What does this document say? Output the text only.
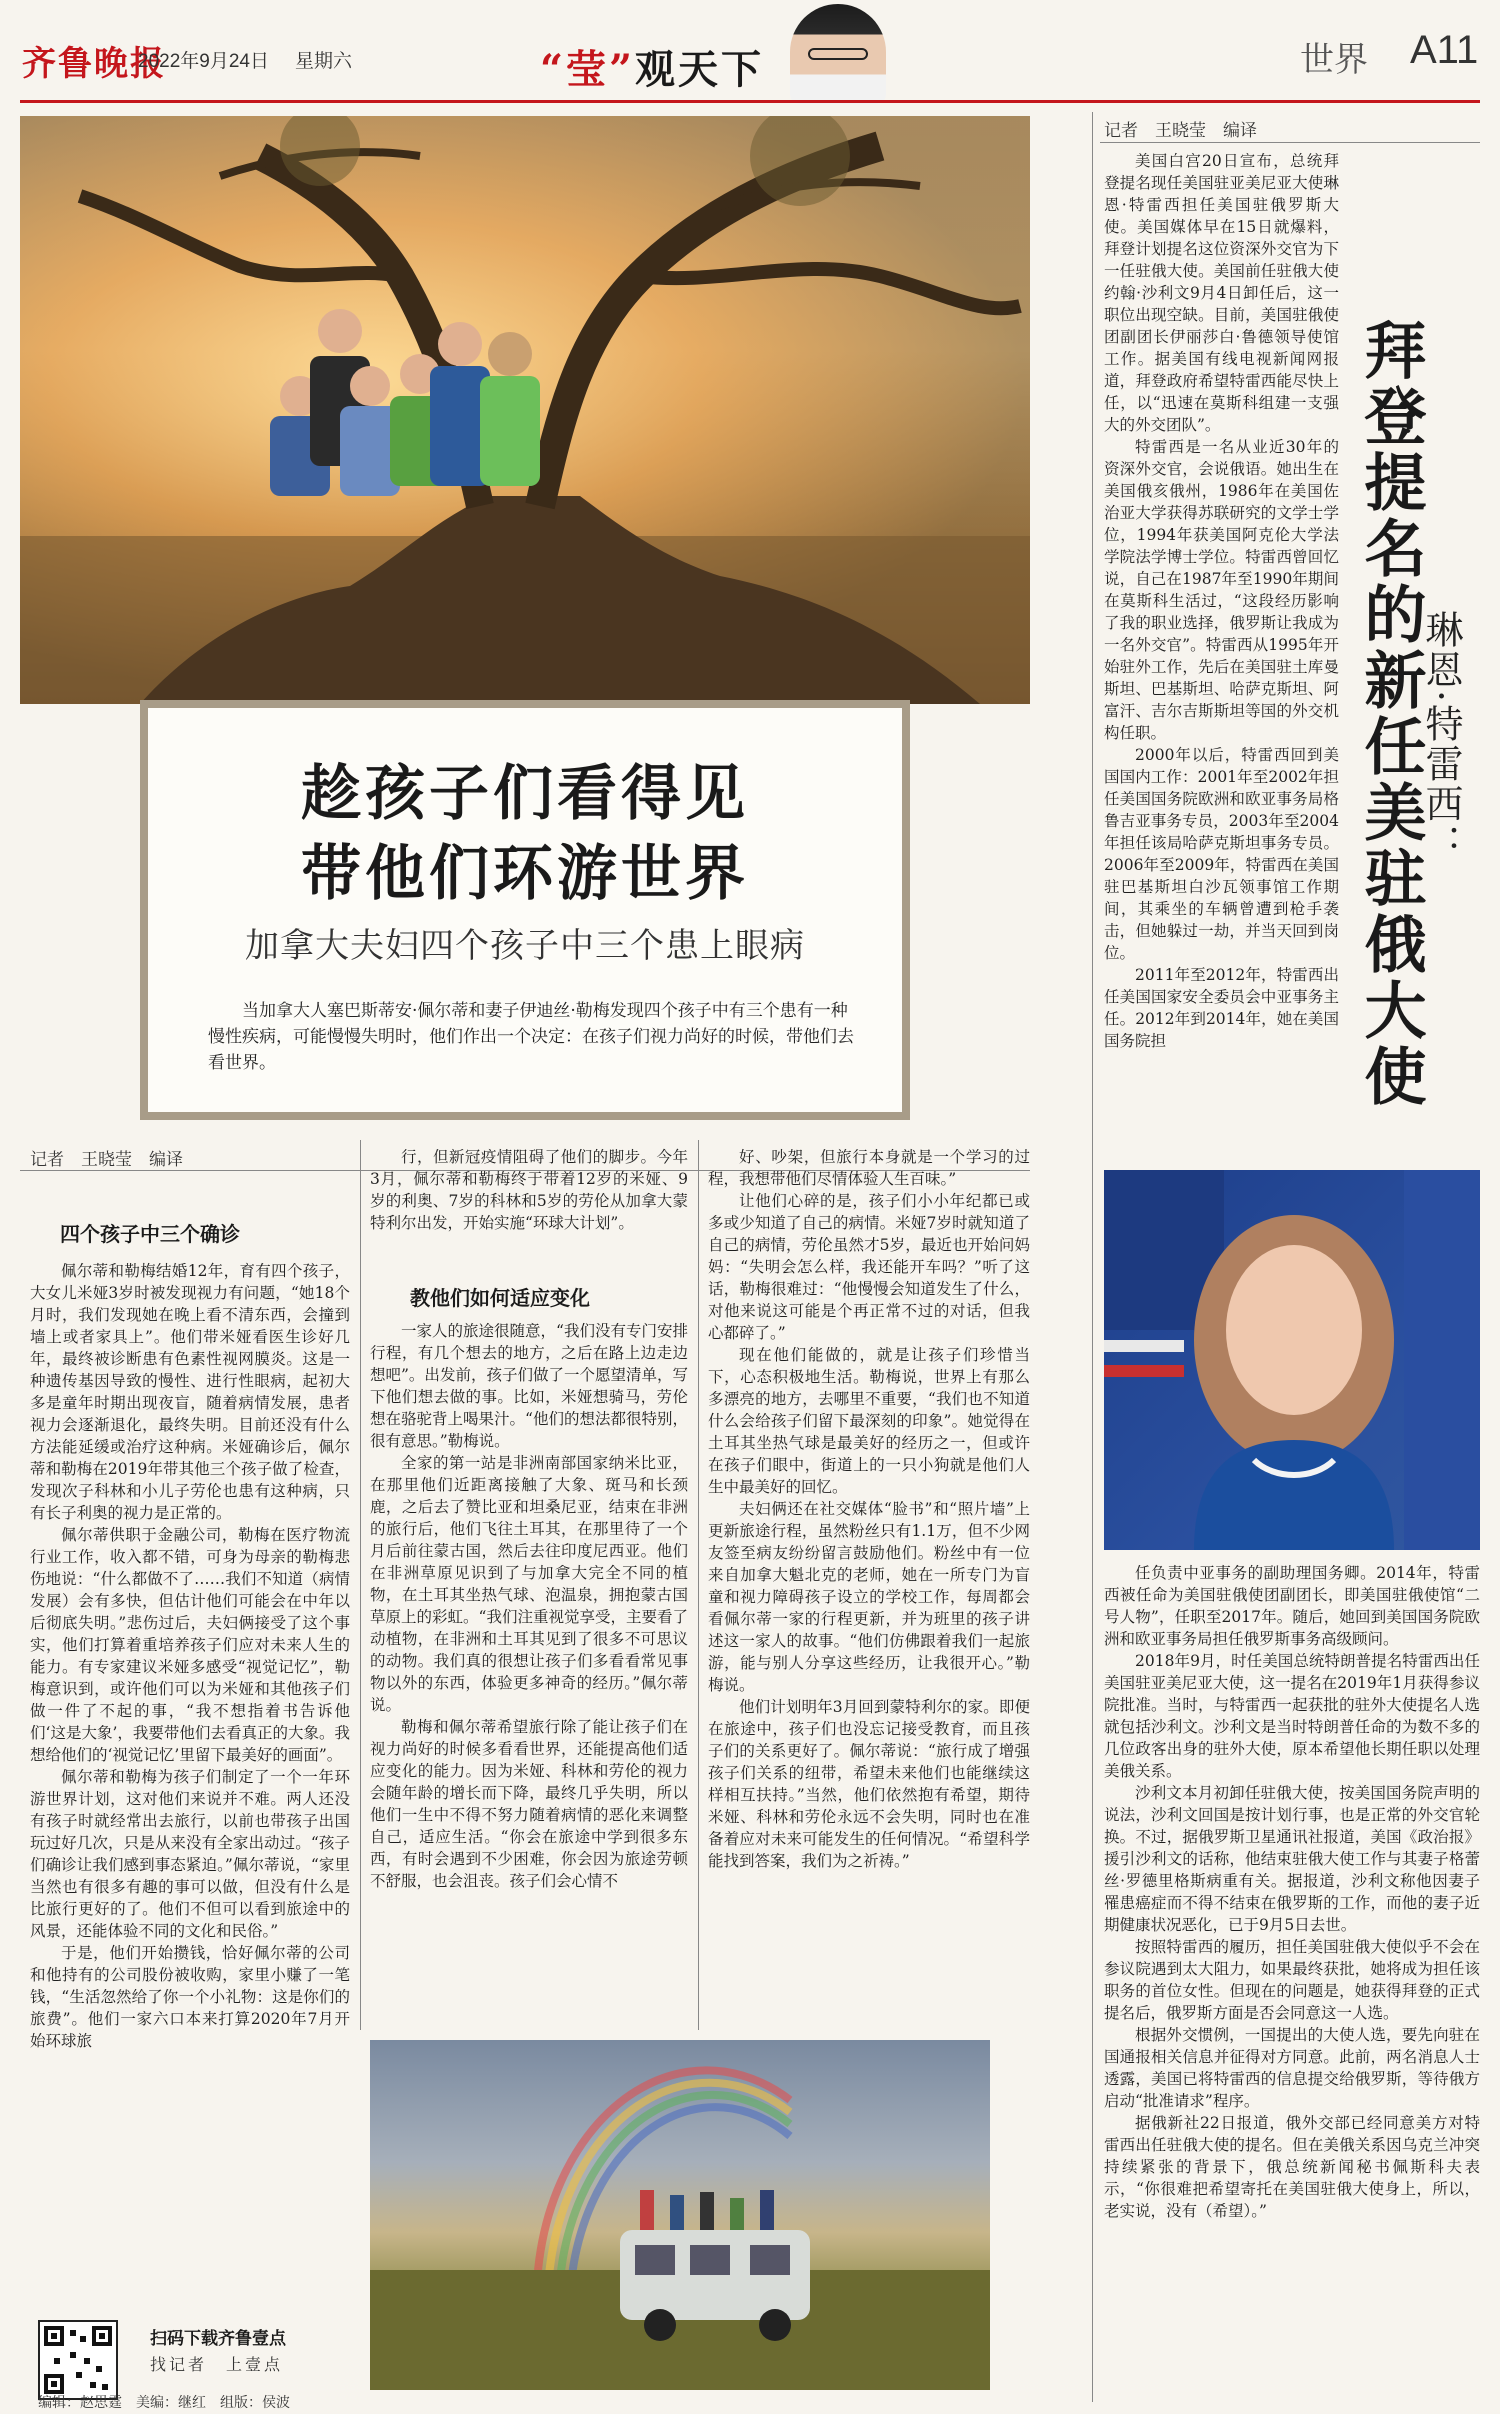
齐鲁晚报
2022年9月24日 星期六	“莹”观天下	世界 A11
趁孩子们看得见
带他们环游世界
加拿大夫妇四个孩子中三个患上眼病
当加拿大人塞巴斯蒂安·佩尔蒂和妻子伊迪丝·勒梅发现四个孩子中有三个患有一种慢性疾病，可能慢慢失明时，他们作出一个决定：在孩子们视力尚好的时候，带他们去看世界。
记者　王晓莹　编译
四个孩子中三个确诊

佩尔蒂和勒梅结婚12年，育有四个孩子，大女儿米娅3岁时被发现视力有问题，“她18个月时，我们发现她在晚上看不清东西，会撞到墙上或者家具上”。他们带米娅看医生诊好几年，最终被诊断患有色素性视网膜炎。这是一种遗传基因导致的慢性、进行性眼病，起初大多是童年时期出现夜盲，随着病情发展，患者视力会逐渐退化，最终失明。目前还没有什么方法能延缓或治疗这种病。米娅确诊后，佩尔蒂和勒梅在2019年带其他三个孩子做了检查，发现次子科林和小儿子劳伦也患有这种病，只有长子利奥的视力是正常的。

佩尔蒂供职于金融公司，勒梅在医疗物流行业工作，收入都不错，可身为母亲的勒梅悲伤地说：“什么都做不了……我们不知道（病情发展）会有多快，但估计他们可能会在中年以后彻底失明。”悲伤过后，夫妇俩接受了这个事实，他们打算着重培养孩子们应对未来人生的能力。有专家建议米娅多感受“视觉记忆”，勒梅意识到，或许他们可以为米娅和其他孩子们做一件了不起的事，“我不想指着书告诉他们‘这是大象’，我要带他们去看真正的大象。我想给他们的‘视觉记忆’里留下最美好的画面”。

佩尔蒂和勒梅为孩子们制定了一个一年环游世界计划，这对他们来说并不难。两人还没有孩子时就经常出去旅行，以前也带孩子出国玩过好几次，只是从来没有全家出动过。“孩子们确诊让我们感到事态紧迫。”佩尔蒂说，“家里当然也有很多有趣的事可以做，但没有什么是比旅行更好的了。他们不但可以看到旅途中的风景，还能体验不同的文化和民俗。”

于是，他们开始攒钱，恰好佩尔蒂的公司和他持有的公司股份被收购，家里小赚了一笔钱，“生活忽然给了你一个小礼物：这是你们的旅费”。他们一家六口本来打算2020年7月开始环球旅

行，但新冠疫情阻碍了他们的脚步。今年3月，佩尔蒂和勒梅终于带着12岁的米娅、9岁的利奥、7岁的科林和5岁的劳伦从加拿大蒙特利尔出发，开始实施“环球大计划”。

教他们如何适应变化

一家人的旅途很随意，“我们没有专门安排行程，有几个想去的地方，之后在路上边走边想吧”。出发前，孩子们做了一个愿望清单，写下他们想去做的事。比如，米娅想骑马，劳伦想在骆驼背上喝果汁。“他们的想法都很特别，很有意思。”勒梅说。

全家的第一站是非洲南部国家纳米比亚，在那里他们近距离接触了大象、斑马和长颈鹿，之后去了赞比亚和坦桑尼亚，结束在非洲的旅行后，他们飞往土耳其，在那里待了一个月后前往蒙古国，然后去往印度尼西亚。他们在非洲草原见识到了与加拿大完全不同的植物，在土耳其坐热气球、泡温泉，拥抱蒙古国草原上的彩虹。“我们注重视觉享受，主要看了动植物，在非洲和土耳其见到了很多不可思议的动物。我们真的很想让孩子们多看看常见事物以外的东西，体验更多神奇的经历。”佩尔蒂说。

勒梅和佩尔蒂希望旅行除了能让孩子们在视力尚好的时候多看看世界，还能提高他们适应变化的能力。因为米娅、科林和劳伦的视力会随年龄的增长而下降，最终几乎失明，所以他们一生中不得不努力随着病情的恶化来调整自己，适应生活。“你会在旅途中学到很多东西，有时会遇到不少困难，你会因为旅途劳顿不舒服，也会沮丧。孩子们会心情不

好、吵架，但旅行本身就是一个学习的过程，我想带他们尽情体验人生百味。”

让他们心碎的是，孩子们小小年纪都已或多或少知道了自己的病情。米娅7岁时就知道了自己的病情，劳伦虽然才5岁，最近也开始问妈妈：“失明会怎么样，我还能开车吗？”听了这话，勒梅很难过：“他慢慢会知道发生了什么，对他来说这可能是个再正常不过的对话，但我心都碎了。”

现在他们能做的，就是让孩子们珍惜当下，心态积极地生活。勒梅说，世界上有那么多漂亮的地方，去哪里不重要，“我们也不知道什么会给孩子们留下最深刻的印象”。她觉得在土耳其坐热气球是最美好的经历之一，但或许在孩子们眼中，街道上的一只小狗就是他们人生中最美好的回忆。

夫妇俩还在社交媒体“脸书”和“照片墙”上更新旅途行程，虽然粉丝只有1.1万，但不少网友签至病友纷纷留言鼓励他们。粉丝中有一位来自加拿大魁北克的老师，她在一所专门为盲童和视力障碍孩子设立的学校工作，每周都会看佩尔蒂一家的行程更新，并为班里的孩子讲述这一家人的故事。“他们仿佛跟着我们一起旅游，能与别人分享这些经历，让我很开心。”勒梅说。

他们计划明年3月回到蒙特利尔的家。即便在旅途中，孩子们也没忘记接受教育，而且孩子们的关系更好了。佩尔蒂说：“旅行成了增强孩子们关系的纽带，希望未来他们也能继续这样相互扶持。”当然，他们依然抱有希望，期待米娅、科林和劳伦永远不会失明，同时也在准备着应对未来可能发生的任何情况。“希望科学能找到答案，我们为之祈祷。”

扫码下载齐鲁壹点
找记者　上壹点
编辑：赵思霆　美编：继红　组版：侯波
记者　王晓莹　编译

美国白宫20日宣布，总统拜登提名现任美国驻亚美尼亚大使琳恩·特雷西担任美国驻俄罗斯大使。美国媒体早在15日就爆料，拜登计划提名这位资深外交官为下一任驻俄大使。美国前任驻俄大使约翰·沙利文9月4日卸任后，这一职位出现空缺。目前，美国驻俄使团副团长伊丽莎白·鲁德领导使馆工作。据美国有线电视新闻网报道，拜登政府希望特雷西能尽快上任，以“迅速在莫斯科组建一支强大的外交团队”。

特雷西是一名从业近30年的资深外交官，会说俄语。她出生在美国俄亥俄州，1986年在美国佐治亚大学获得苏联研究的文学士学位，1994年获美国阿克伦大学法学院法学博士学位。特雷西曾回忆说，自己在1987年至1990年期间在莫斯科生活过，“这段经历影响了我的职业选择，俄罗斯让我成为一名外交官”。特雷西从1995年开始驻外工作，先后在美国驻土库曼斯坦、巴基斯坦、哈萨克斯坦、阿富汗、吉尔吉斯斯坦等国的外交机构任职。

2000年以后，特雷西回到美国国内工作：2001年至2002年担任美国国务院欧洲和欧亚事务局格鲁吉亚事务专员，2003年至2004年担任该局哈萨克斯坦事务专员。2006年至2009年，特雷西在美国驻巴基斯坦白沙瓦领事馆工作期间，其乘坐的车辆曾遭到枪手袭击，但她躲过一劫，并当天回到岗位。

2011年至2012年，特雷西出任美国国家安全委员会中亚事务主任。2012年到2014年，她在美国国务院担	拜登提名的新任美驻俄大使
琳恩·特雷西：

任负责中亚事务的副助理国务卿。2014年，特雷西被任命为美国驻俄使团副团长，即美国驻俄使馆“二号人物”，任职至2017年。随后，她回到美国国务院欧洲和欧亚事务局担任俄罗斯事务高级顾问。

2018年9月，时任美国总统特朗普提名特雷西出任美国驻亚美尼亚大使，这一提名在2019年1月获得参议院批准。当时，与特雷西一起获批的驻外大使提名人选就包括沙利文。沙利文是当时特朗普任命的为数不多的几位政客出身的驻外大使，原本希望他长期任职以处理美俄关系。

沙利文本月初卸任驻俄大使，按美国国务院声明的说法，沙利文回国是按计划行事，也是正常的外交官轮换。不过，据俄罗斯卫星通讯社报道，美国《政治报》援引沙利文的话称，他结束驻俄大使工作与其妻子格蕾丝·罗德里格斯病重有关。据报道，沙利文称他因妻子罹患癌症而不得不结束在俄罗斯的工作，而他的妻子近期健康状况恶化，已于9月5日去世。

按照特雷西的履历，担任美国驻俄大使似乎不会在参议院遇到太大阻力，如果最终获批，她将成为担任该职务的首位女性。但现在的问题是，她获得拜登的正式提名后，俄罗斯方面是否会同意这一人选。

根据外交惯例，一国提出的大使人选，要先向驻在国通报相关信息并征得对方同意。此前，两名消息人士透露，美国已将特雷西的信息提交给俄罗斯，等待俄方启动“批准请求”程序。

据俄新社22日报道，俄外交部已经同意美方对特雷西出任驻俄大使的提名。但在美俄关系因乌克兰冲突持续紧张的背景下，俄总统新闻秘书佩斯科夫表示，“你很难把希望寄托在美国驻俄大使身上，所以，老实说，没有（希望）。”
